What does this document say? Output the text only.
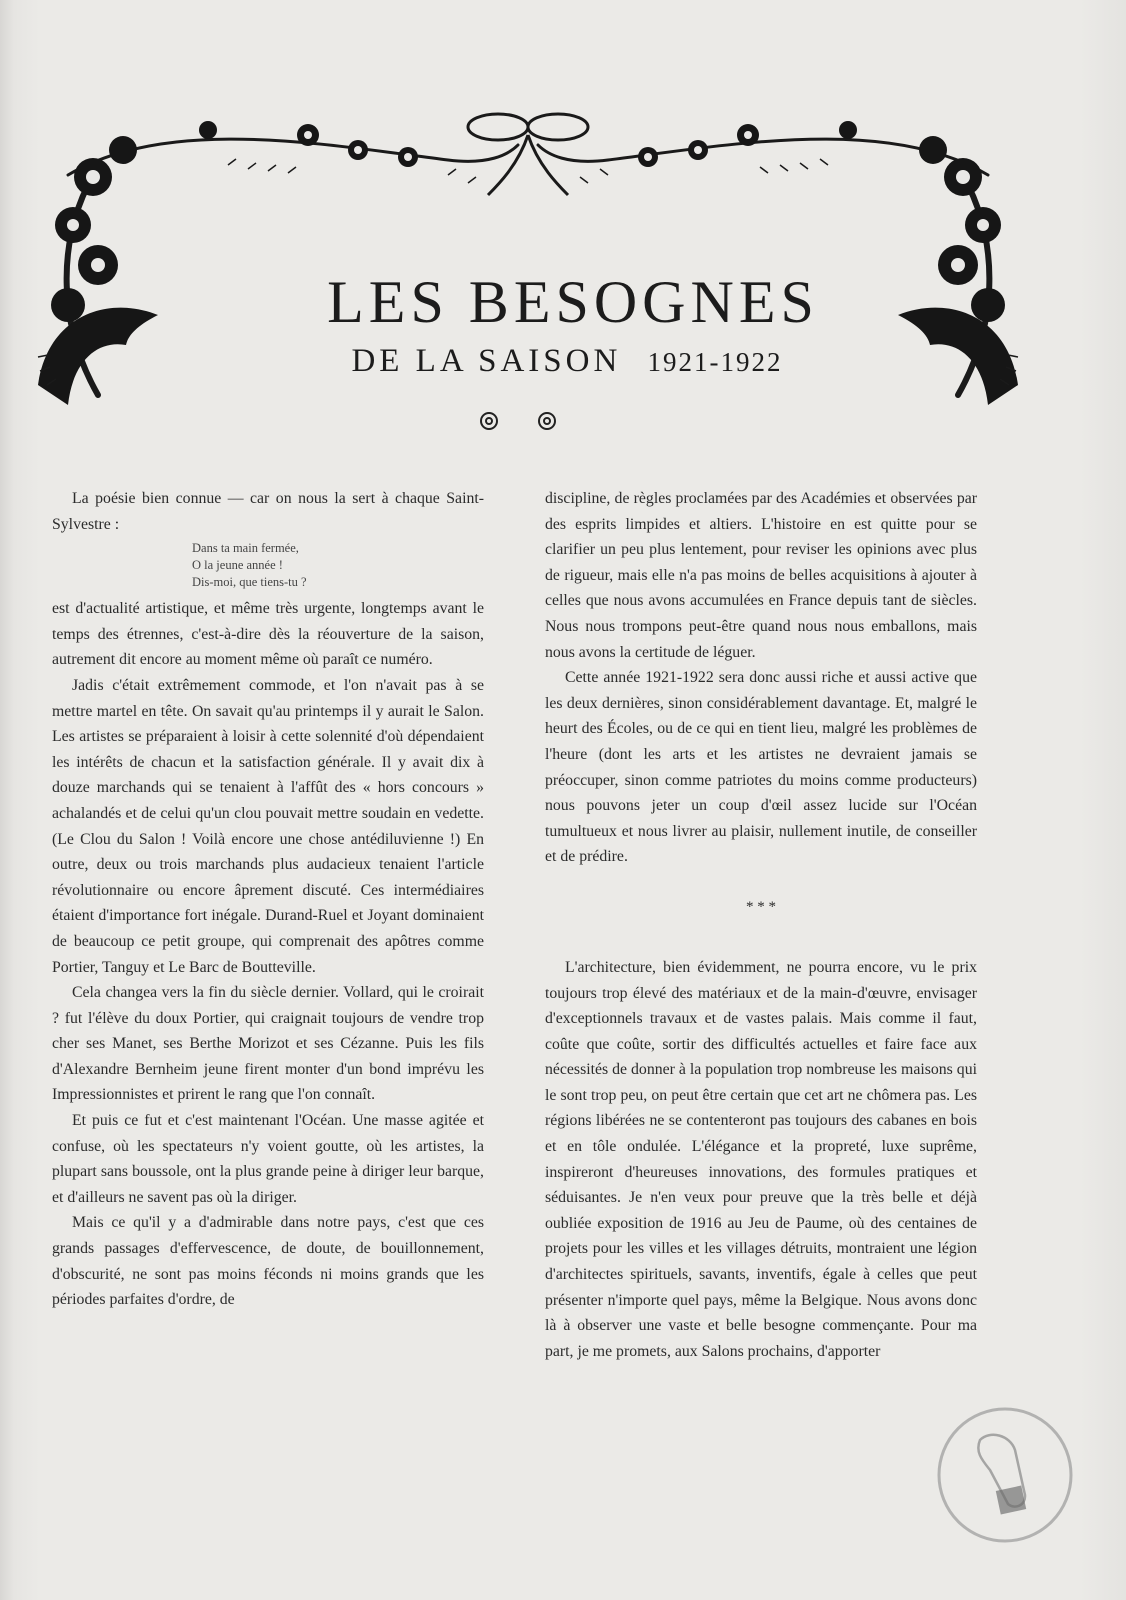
LES BESOGNES
DE LA SAISON 1921-1922

La poésie bien connue — car on nous la sert à chaque Saint-Sylvestre :

Dans ta main fermée,
O la jeune année !
Dis-moi, que tiens-tu ?

est d'actualité artistique, et même très urgente, longtemps avant le temps des étrennes, c'est-à-dire dès la réouverture de la saison, autrement dit encore au moment même où paraît ce numéro.

Jadis c'était extrêmement commode, et l'on n'avait pas à se mettre martel en tête. On savait qu'au printemps il y aurait le Salon. Les artistes se préparaient à loisir à cette solennité d'où dépendaient les intérêts de chacun et la satisfaction générale. Il y avait dix à douze marchands qui se tenaient à l'affût des « hors concours » achalandés et de celui qu'un clou pouvait mettre soudain en vedette. (Le Clou du Salon ! Voilà encore une chose antédiluvienne !) En outre, deux ou trois marchands plus audacieux tenaient l'article révolutionnaire ou encore âprement discuté. Ces intermédiaires étaient d'importance fort inégale. Durand-Ruel et Joyant dominaient de beaucoup ce petit groupe, qui comprenait des apôtres comme Portier, Tanguy et Le Barc de Boutteville.

Cela changea vers la fin du siècle dernier. Vollard, qui le croirait ? fut l'élève du doux Portier, qui craignait toujours de vendre trop cher ses Manet, ses Berthe Morizot et ses Cézanne. Puis les fils d'Alexandre Bernheim jeune firent monter d'un bond imprévu les Impressionnistes et prirent le rang que l'on connaît.

Et puis ce fut et c'est maintenant l'Océan. Une masse agitée et confuse, où les spectateurs n'y voient goutte, où les artistes, la plupart sans boussole, ont la plus grande peine à diriger leur barque, et d'ailleurs ne savent pas où la diriger.

Mais ce qu'il y a d'admirable dans notre pays, c'est que ces grands passages d'effervescence, de doute, de bouillonnement, d'obscurité, ne sont pas moins féconds ni moins grands que les périodes parfaites d'ordre, de

discipline, de règles proclamées par des Académies et observées par des esprits limpides et altiers. L'histoire en est quitte pour se clarifier un peu plus lentement, pour reviser les opinions avec plus de rigueur, mais elle n'a pas moins de belles acquisitions à ajouter à celles que nous avons accumulées en France depuis tant de siècles. Nous nous trompons peut-être quand nous nous emballons, mais nous avons la certitude de léguer.

Cette année 1921-1922 sera donc aussi riche et aussi active que les deux dernières, sinon considérablement davantage. Et, malgré le heurt des Écoles, ou de ce qui en tient lieu, malgré les problèmes de l'heure (dont les arts et les artistes ne devraient jamais se préoccuper, sinon comme patriotes du moins comme producteurs) nous pouvons jeter un coup d'œil assez lucide sur l'Océan tumultueux et nous livrer au plaisir, nullement inutile, de conseiller et de prédire.

* * *

L'architecture, bien évidemment, ne pourra encore, vu le prix toujours trop élevé des matériaux et de la main-d'œuvre, envisager d'exceptionnels travaux et de vastes palais. Mais comme il faut, coûte que coûte, sortir des difficultés actuelles et faire face aux nécessités de donner à la population trop nombreuse les maisons qui le sont trop peu, on peut être certain que cet art ne chômera pas. Les régions libérées ne se contenteront pas toujours des cabanes en bois et en tôle ondulée. L'élégance et la propreté, luxe suprême, inspireront d'heureuses innovations, des formules pratiques et séduisantes. Je n'en veux pour preuve que la très belle et déjà oubliée exposition de 1916 au Jeu de Paume, où des centaines de projets pour les villes et les villages détruits, montraient une légion d'architectes spirituels, savants, inventifs, égale à celles que peut présenter n'importe quel pays, même la Belgique. Nous avons donc là à observer une vaste et belle besogne commençante. Pour ma part, je me promets, aux Salons prochains, d'apporter
